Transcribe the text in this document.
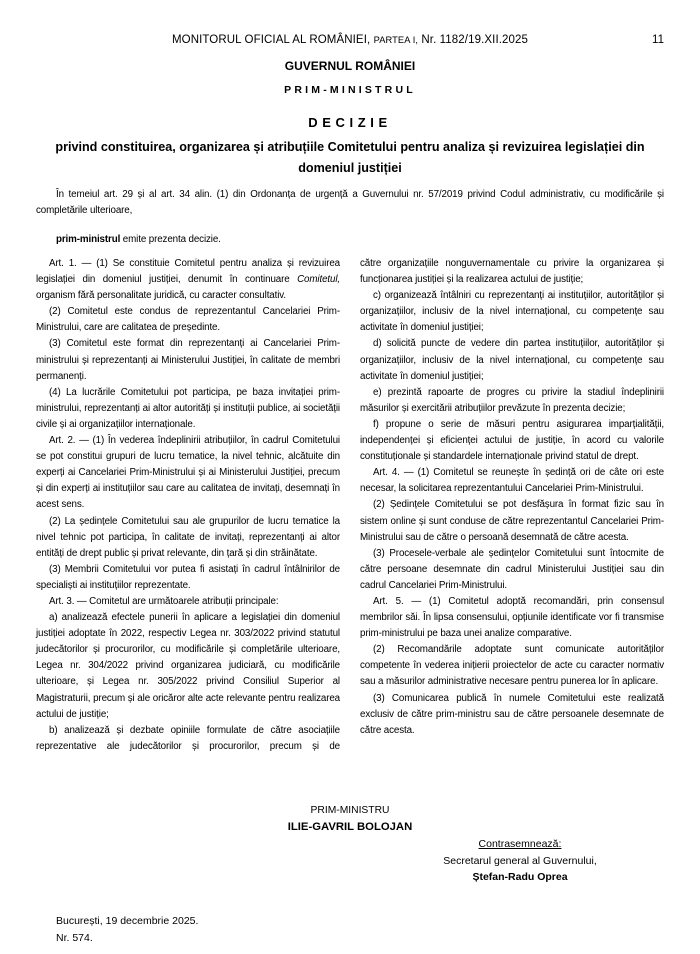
MONITORUL OFICIAL AL ROMÂNIEI, PARTEA I, Nr. 1182/19.XII.2025	11
GUVERNUL ROMÂNIEI
PRIM-MINISTRUL
DECIZIE
privind constituirea, organizarea și atribuțiile Comitetului pentru analiza și revizuirea legislației din domeniul justiției

În temeiul art. 29 și al art. 34 alin. (1) din Ordonanța de urgență a Guvernului nr. 57/2019 privind Codul administrativ, cu modificările și completările ulterioare,

prim-ministrul emite prezenta decizie.

Art. 1. — (1) Se constituie Comitetul pentru analiza și revizuirea legislației din domeniul justiției, denumit în continuare Comitetul, organism fără personalitate juridică, cu caracter consultativ.

(2) Comitetul este condus de reprezentantul Cancelariei Prim-Ministrului, care are calitatea de președinte.

(3) Comitetul este format din reprezentanți ai Cancelariei Prim-ministrului și reprezentanți ai Ministerului Justiției, în calitate de membri permanenți.

(4) La lucrările Comitetului pot participa, pe baza invitației prim-ministrului, reprezentanți ai altor autorități și instituții publice, ai societății civile și ai organizațiilor internaționale.

Art. 2. — (1) În vederea îndeplinirii atribuțiilor, în cadrul Comitetului se pot constitui grupuri de lucru tematice, la nivel tehnic, alcătuite din experți ai Cancelariei Prim-Ministrului și ai Ministerului Justiției, precum și din experți ai instituțiilor sau care au calitatea de invitați, desemnați în acest sens.

(2) La ședințele Comitetului sau ale grupurilor de lucru tematice la nivel tehnic pot participa, în calitate de invitați, reprezentanți ai altor entități de drept public și privat relevante, din țară și din străinătate.

(3) Membrii Comitetului vor putea fi asistați în cadrul întâlnirilor de specialiști ai instituțiilor reprezentate.

Art. 3. — Comitetul are următoarele atribuții principale:

a) analizează efectele punerii în aplicare a legislației din domeniul justiției adoptate în 2022, respectiv Legea nr. 303/2022 privind statutul judecătorilor și procurorilor, cu modificările și completările ulterioare, Legea nr. 304/2022 privind organizarea judiciară, cu modificările ulterioare, și Legea nr. 305/2022 privind Consiliul Superior al Magistraturii, precum și ale oricăror alte acte relevante pentru realizarea actului de justiție;

b) analizează și dezbate opiniile formulate de către asociațiile reprezentative ale judecătorilor și procurorilor, precum și de

către organizațiile nonguvernamentale cu privire la organizarea și funcționarea justiției și la realizarea actului de justiție;

c) organizează întâlniri cu reprezentanți ai instituțiilor, autorităților și organizațiilor, inclusiv de la nivel internațional, cu competențe sau activitate în domeniul justiției;

d) solicită puncte de vedere din partea instituțiilor, autorităților și organizațiilor, inclusiv de la nivel internațional, cu competențe sau activitate în domeniul justiției;

e) prezintă rapoarte de progres cu privire la stadiul îndeplinirii măsurilor și exercitării atribuțiilor prevăzute în prezenta decizie;

f) propune o serie de măsuri pentru asigurarea imparțialității, independenței și eficienței actului de justiție, în acord cu valorile constituționale și standardele internaționale privind statul de drept.

Art. 4. — (1) Comitetul se reunește în ședință ori de câte ori este necesar, la solicitarea reprezentantului Cancelariei Prim-Ministrului.

(2) Ședințele Comitetului se pot desfășura în format fizic sau în sistem online și sunt conduse de către reprezentantul Cancelariei Prim-Ministrului sau de către o persoană desemnată de către acesta.

(3) Procesele-verbale ale ședințelor Comitetului sunt întocmite de către persoane desemnate din cadrul Ministerului Justiției sau din cadrul Cancelariei Prim-Ministrului.

Art. 5. — (1) Comitetul adoptă recomandări, prin consensul membrilor săi. În lipsa consensului, opțiunile identificate vor fi transmise prim-ministrului pe baza unei analize comparative.

(2) Recomandările adoptate sunt comunicate autorităților competente în vederea inițierii proiectelor de acte cu caracter normativ sau a măsurilor administrative necesare pentru punerea lor în aplicare.

(3) Comunicarea publică în numele Comitetului este realizată exclusiv de către prim-ministru sau de către persoanele desemnate de către acesta.

PRIM-MINISTRU
ILIE-GAVRIL BOLOJAN
Contrasemnează:
Secretarul general al Guvernului,
Ștefan-Radu Oprea
București, 19 decembrie 2025.
Nr. 574.
